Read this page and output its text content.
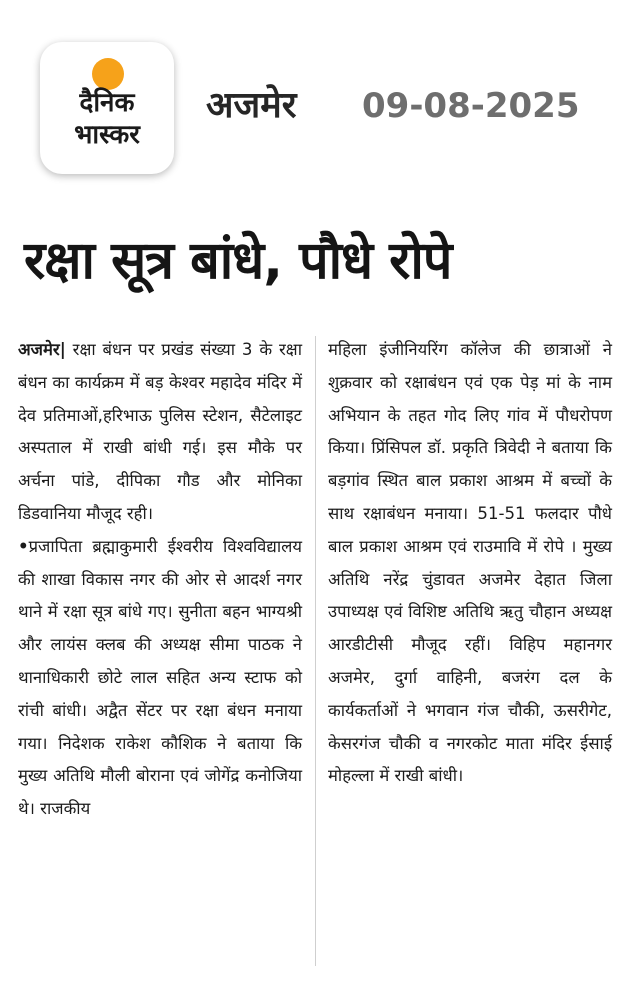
दैनिक
भास्कर
अजमेर 09-08-2025
रक्षा सूत्र बांधे, पौधे रोपे

अजमेर| रक्षा बंधन पर प्रखंड संख्या 3 के रक्षा बंधन का कार्यक्रम में बड़ केश्वर महादेव मंदिर में देव प्रतिमाओं,हरिभाऊ पुलिस स्टेशन, सैटेलाइट अस्पताल में राखी बांधी गई। इस मौके पर अर्चना पांडे, दीपिका गौड और मोनिका डिडवानिया मौजूद रही।

•प्रजापिता ब्रह्माकुमारी ईश्वरीय विश्वविद्यालय की शाखा विकास नगर की ओर से आदर्श नगर थाने में रक्षा सूत्र बांधे गए। सुनीता बहन भाग्यश्री और लायंस क्लब की अध्यक्ष सीमा पाठक ने थानाधिकारी छोटे लाल सहित अन्य स्टाफ को रांची बांधी। अद्वैत सेंटर पर रक्षा बंधन मनाया गया। निदेशक राकेश कौशिक ने बताया कि मुख्य अतिथि मौली बोराना एवं जोगेंद्र कनोजिया थे। राजकीय

महिला इंजीनियरिंग कॉलेज की छात्राओं ने शुक्रवार को रक्षाबंधन एवं एक पेड़ मां के नाम अभियान के तहत गोद लिए गांव में पौधरोपण किया। प्रिंसिपल डॉ. प्रकृति त्रिवेदी ने बताया कि बड़गांव स्थित बाल प्रकाश आश्रम में बच्चों के साथ रक्षाबंधन मनाया। 51-51 फलदार पौधे बाल प्रकाश आश्रम एवं राउमावि में रोपे । मुख्य अतिथि नरेंद्र चुंडावत अजमेर देहात जिला उपाध्यक्ष एवं विशिष्ट अतिथि ऋतु चौहान अध्यक्ष आरडीटीसी मौजूद रहीं। विहिप महानगर अजमेर, दुर्गा वाहिनी, बजरंग दल के कार्यकर्ताओं ने भगवान गंज चौकी, ऊसरीगेट, केसरगंज चौकी व नगरकोट माता मंदिर ईसाई मोहल्ला में राखी बांधी।
